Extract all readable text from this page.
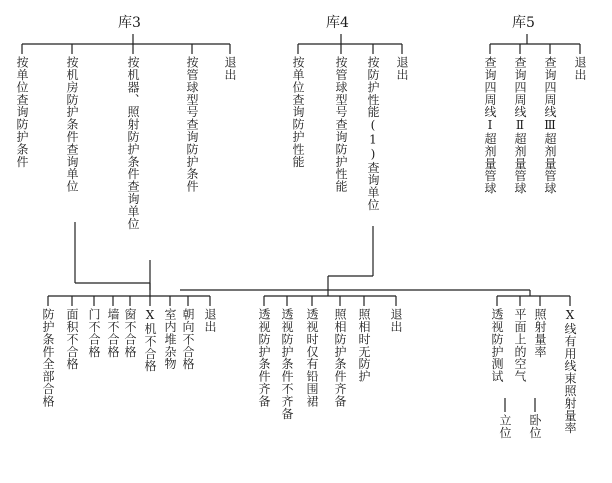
库3	库4	库5
按单位查询防护条件	按机房防护条件查询单位	按机器、照射防护条件查询单位	按管球型号查询防护条件 退出	按单位查询防护性能 按管球型号查询防护性能 按防护性能(1)查询单位 退出	查询四周线Ⅰ超剂量管球 查询四周线Ⅱ超剂量管球 查询四周线Ⅲ超剂量管球 退出
防护条件全部合格 面积不合格 门不合格 墙不合格 窗不合格 X机不合格 室内堆杂物 朝向不合格 退出	透视防护条件齐备 透视防护条件不齐备 透视时仅有铅围裙 照相防护条件齐备 照相时无防护 退出	透视防护测试 平面上的空气 照射量率 X线有用线束照射量率
立位 卧位
